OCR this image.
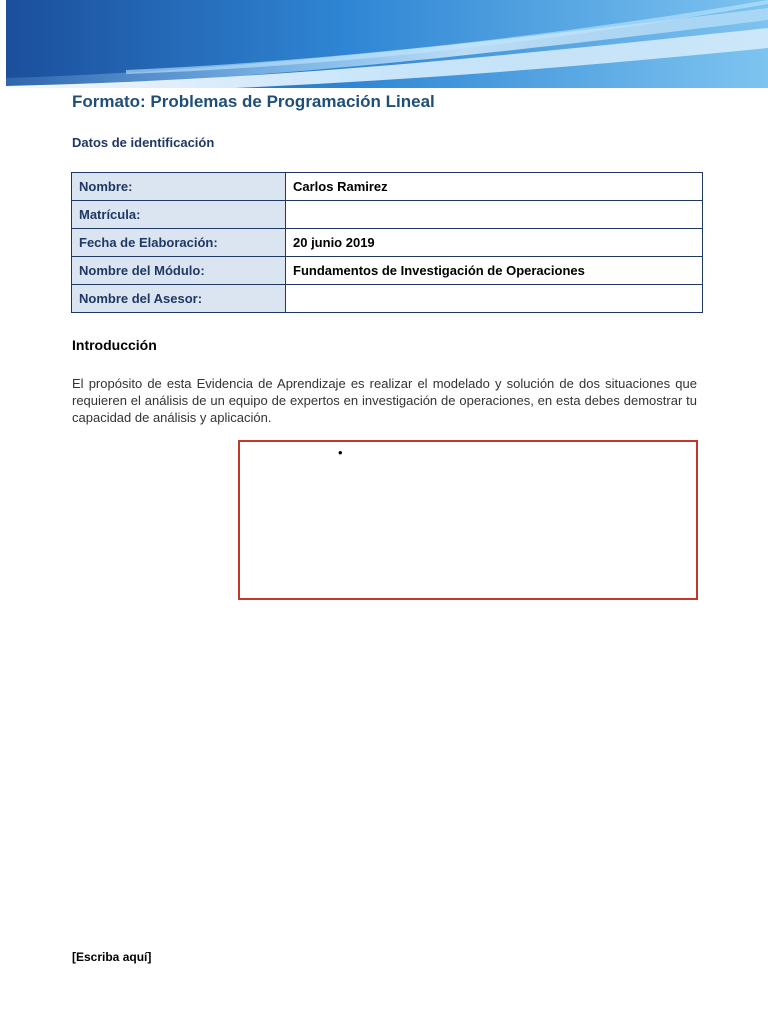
Formato: Problemas de Programación Lineal
Datos de identificación
Nombre:	Carlos Ramirez
Matrícula:	
Fecha de Elaboración:	20 junio 2019
Nombre del Módulo:	Fundamentos de Investigación de Operaciones
Nombre del Asesor:	
Introducción

El propósito de esta Evidencia de Aprendizaje es realizar el modelado y solución de dos situaciones que requieren el análisis de un equipo de expertos en investigación de operaciones, en esta debes demostrar tu capacidad de análisis y aplicación.

•
[Escriba aquí]
